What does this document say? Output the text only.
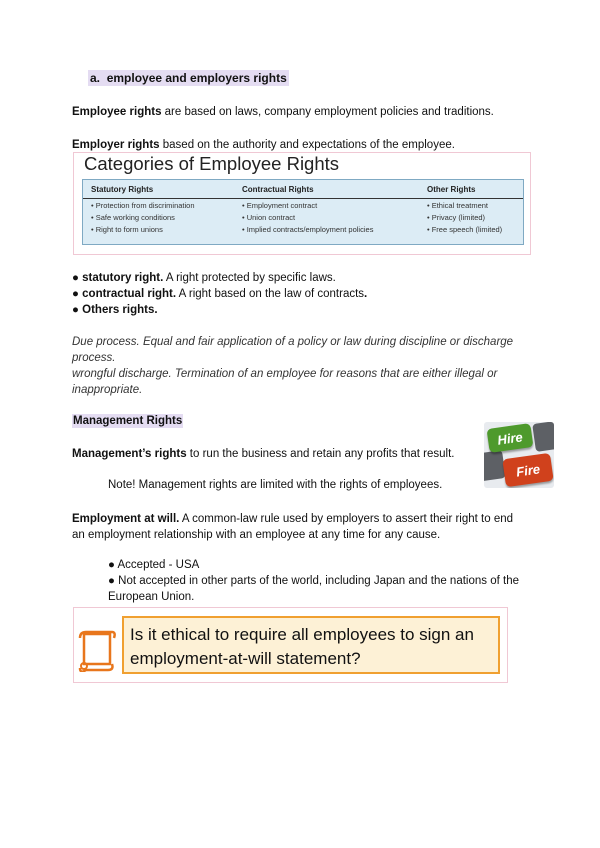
a. employee and employers rights
Employee rights are based on laws, company employment policies and traditions.
Employer rights based on the authority and expectations of the employee.
Categories of Employee Rights
Statutory Rights
• Protection from discrimination
• Safe working conditions
• Right to form unions
Contractual Rights
• Employment contract
• Union contract
• Implied contracts/employment policies
Other Rights
• Ethical treatment
• Privacy (limited)
• Free speech (limited)
● statutory right. A right protected by specific laws.
● contractual right. A right based on the law of contracts.
● Others rights.
Due process. Equal and fair application of a policy or law during discipline or discharge process.
wrongful discharge. Termination of an employee for reasons that are either illegal or inappropriate.
Management Rights
Management’s rights to run the business and retain any profits that result.
Hire
Fire
Note! Management rights are limited with the rights of employees.
Employment at will. A common-law rule used by employers to assert their right to end an employment relationship with an employee at any time for any cause.
● Accepted - USA
● Not accepted in other parts of the world, including Japan and the nations of the European Union.
Is it ethical to require all employees to sign an employment-at-will statement?
